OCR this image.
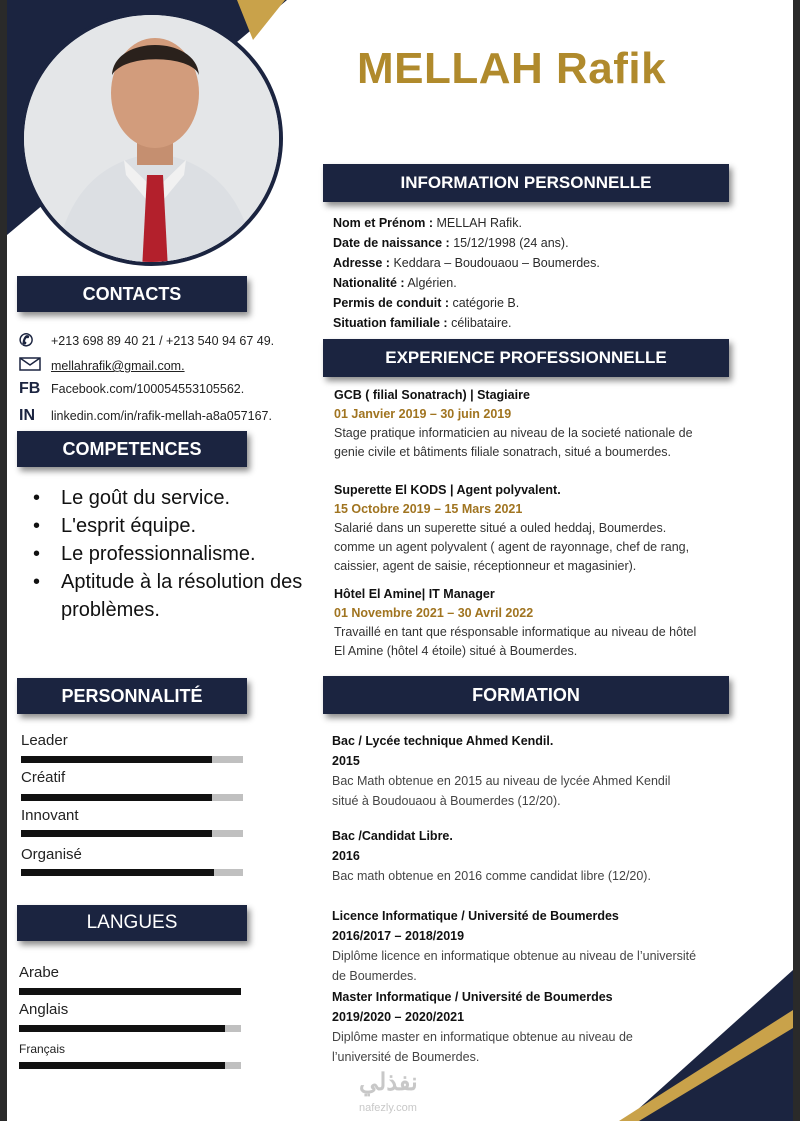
MELLAH Rafik
CONTACTS
✆	+213 698 89 40 21 / +213 540 94 67 49.
mellahrafik@gmail.com.
FB Facebook.com/100054553105562.
IN	linkedin.com/in/rafik-mellah-a8a057167.
COMPETENCES
• Le goût du service.
• L'esprit équipe.
• Le professionnalisme.
• Aptitude à la résolution des problèmes.
PERSONNALITÉ
Leader
Créatif
Innovant
Organisé
LANGUES
Arabe
Anglais
Français
INFORMATION PERSONNELLE
Nom et Prénom : MELLAH Rafik.
Date de naissance : 15/12/1998 (24 ans).
Adresse : Keddara – Boudouaou – Boumerdes.
Nationalité : Algérien.
Permis de conduit : catégorie B.
Situation familiale : célibataire.
EXPERIENCE PROFESSIONNELLE
GCB ( filial Sonatrach) | Stagiaire
01 Janvier 2019 – 30 juin 2019
Stage pratique informaticien au niveau de la societé nationale de
genie civile et bâtiments filiale sonatrach, situé a boumerdes.
Superette El KODS | Agent polyvalent.
15 Octobre 2019 – 15 Mars 2021
Salarié dans un superette situé a ouled heddaj, Boumerdes.
comme un agent polyvalent ( agent de rayonnage, chef de rang,
caissier, agent de saisie, réceptionneur et magasinier).
Hôtel El Amine| IT Manager
01 Novembre 2021 – 30 Avril 2022
Travaillé en tant que résponsable informatique au niveau de hôtel
El Amine (hôtel 4 étoile) situé à Boumerdes.
FORMATION
Bac / Lycée technique Ahmed Kendil.
2015
Bac Math obtenue en 2015 au niveau de lycée Ahmed Kendil
situé à Boudouaou à Boumerdes (12/20).
Bac /Candidat Libre.
2016
Bac math obtenue en 2016 comme candidat libre (12/20).
Licence Informatique / Université de Boumerdes
2016/2017 – 2018/2019
Diplôme licence en informatique obtenue au niveau de l’université
de Boumerdes.
Master Informatique / Université de Boumerdes
2019/2020 – 2020/2021
Diplôme master en informatique obtenue au niveau de
l’université de Boumerdes.
نفذلي
nafezly.com
